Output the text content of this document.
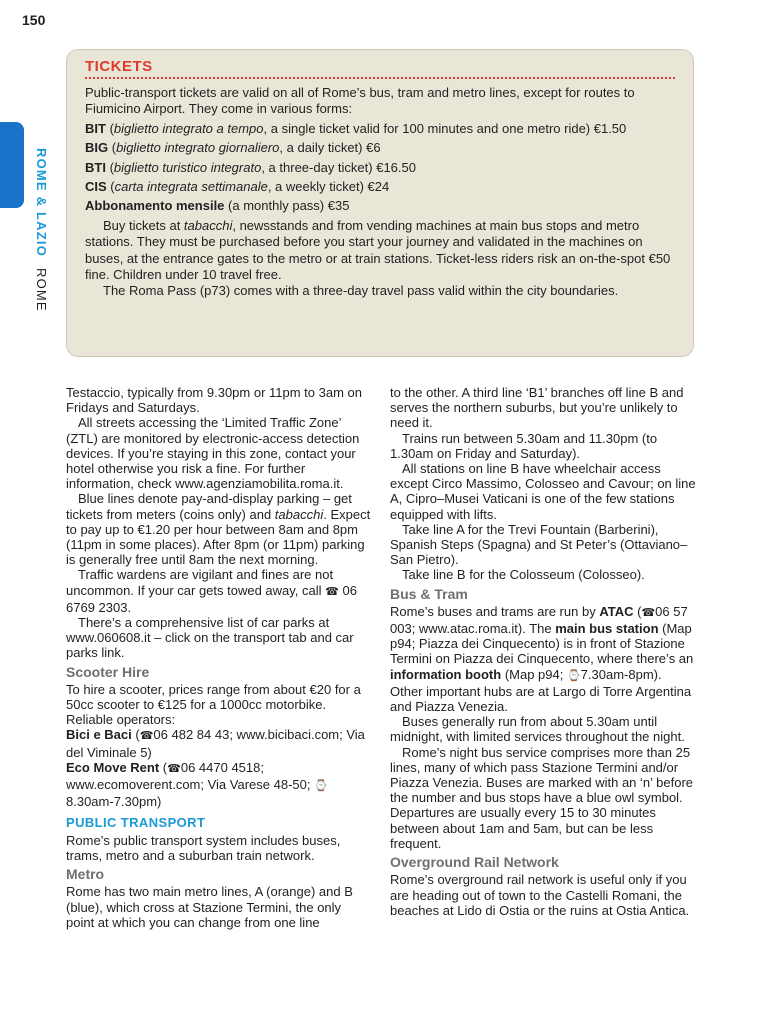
150
ROME & LAZIO ROME
TICKETS

Public-transport tickets are valid on all of Rome’s bus, tram and metro lines, except for routes to Fiumicino Airport. They come in various forms:

BIT (biglietto integrato a tempo, a single ticket valid for 100 minutes and one metro ride) €1.50

BIG (biglietto integrato giornaliero, a daily ticket) €6

BTI (biglietto turistico integrato, a three-day ticket) €16.50

CIS (carta integrata settimanale, a weekly ticket) €24

Abbonamento mensile (a monthly pass) €35

Buy tickets at tabacchi, newsstands and from vending machines at main bus stops and metro stations. They must be purchased before you start your journey and validated in the machines on buses, at the entrance gates to the metro or at train stations. Ticket-less riders risk an on-the-spot €50 fine. Children under 10 travel free.

The Roma Pass (p73) comes with a three-day travel pass valid within the city boundaries.

Testaccio, typically from 9.30pm or 11pm to 3am on Fridays and Saturdays.

All streets accessing the ‘Limited Traffic Zone’ (ZTL) are monitored by electronic-access detection devices. If you’re staying in this zone, contact your hotel otherwise you risk a fine. For further information, check www.agenziamobilita.roma.it.

Blue lines denote pay-and-display parking – get tickets from meters (coins only) and tabacchi. Expect to pay up to €1.20 per hour between 8am and 8pm (11pm in some places). After 8pm (or 11pm) parking is generally free until 8am the next morning.

Traffic wardens are vigilant and fines are not uncommon. If your car gets towed away, call ☎ 06 6769 2303.

There’s a comprehensive list of car parks at www.060608.it – click on the transport tab and car parks link.

Scooter Hire

To hire a scooter, prices range from about €20 for a 50cc scooter to €125 for a 1000cc motorbike. Reliable operators:

Bici e Baci (☎06 482 84 43; www.bicibaci.com; Via del Viminale 5)

Eco Move Rent (☎06 4470 4518; www.ecomoverent.com; Via Varese 48-50; ⌚8.30am-7.30pm)

PUBLIC TRANSPORT

Rome’s public transport system includes buses, trams, metro and a suburban train network.

Metro

Rome has two main metro lines, A (orange) and B (blue), which cross at Stazione Termini, the only point at which you can change from one line

to the other. A third line ‘B1’ branches off line B and serves the northern suburbs, but you’re unlikely to need it.

Trains run between 5.30am and 11.30pm (to 1.30am on Friday and Saturday).

All stations on line B have wheelchair access except Circo Massimo, Colosseo and Cavour; on line A, Cipro–Musei Vaticani is one of the few stations equipped with lifts.

Take line A for the Trevi Fountain (Barberini), Spanish Steps (Spagna) and St Peter’s (Ottaviano–San Pietro).

Take line B for the Colosseum (Colosseo).

Bus & Tram

Rome’s buses and trams are run by ATAC (☎06 57 003; www.atac.roma.it). The main bus station (Map p94; Piazza dei Cinquecento) is in front of Stazione Termini on Piazza dei Cinquecento, where there’s an information booth (Map p94; ⌚7.30am-8pm). Other important hubs are at Largo di Torre Argentina and Piazza Venezia.

Buses generally run from about 5.30am until midnight, with limited services throughout the night.

Rome’s night bus service comprises more than 25 lines, many of which pass Stazione Termini and/or Piazza Venezia. Buses are marked with an ‘n’ before the number and bus stops have a blue owl symbol. Departures are usually every 15 to 30 minutes between about 1am and 5am, but can be less frequent.

Overground Rail Network

Rome’s overground rail network is useful only if you are heading out of town to the Castelli Romani, the beaches at Lido di Ostia or the ruins at Ostia Antica.
